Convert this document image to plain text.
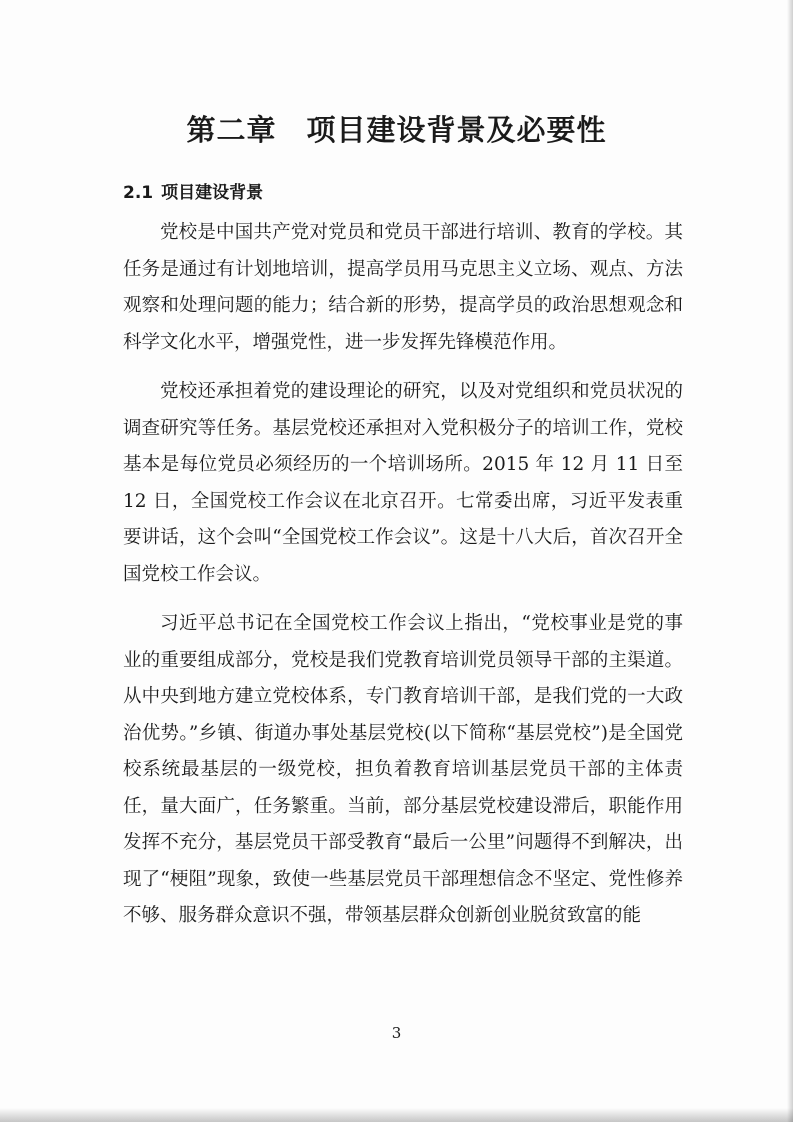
第二章　项目建设背景及必要性
2.1 项目建设背景

党校是中国共产党对党员和党员干部进行培训、教育的学校。其任务是通过有计划地培训，提高学员用马克思主义立场、观点、方法观察和处理问题的能力；结合新的形势，提高学员的政治思想观念和科学文化水平，增强党性，进一步发挥先锋模范作用。

党校还承担着党的建设理论的研究，以及对党组织和党员状况的调查研究等任务。基层党校还承担对入党积极分子的培训工作，党校基本是每位党员必须经历的一个培训场所。2015 年 12 月 11 日至 12 日，全国党校工作会议在北京召开。七常委出席，习近平发表重要讲话，这个会叫“全国党校工作会议”。这是十八大后，首次召开全国党校工作会议。

习近平总书记在全国党校工作会议上指出，“党校事业是党的事业的重要组成部分，党校是我们党教育培训党员领导干部的主渠道。从中央到地方建立党校体系，专门教育培训干部，是我们党的一大政治优势。”乡镇、街道办事处基层党校(以下简称“基层党校”)是全国党校系统最基层的一级党校，担负着教育培训基层党员干部的主体责任，量大面广，任务繁重。当前，部分基层党校建设滞后，职能作用发挥不充分，基层党员干部受教育“最后一公里”问题得不到解决，出现了“梗阻”现象，致使一些基层党员干部理想信念不坚定、党性修养不够、服务群众意识不强，带领基层群众创新创业脱贫致富的能

3
